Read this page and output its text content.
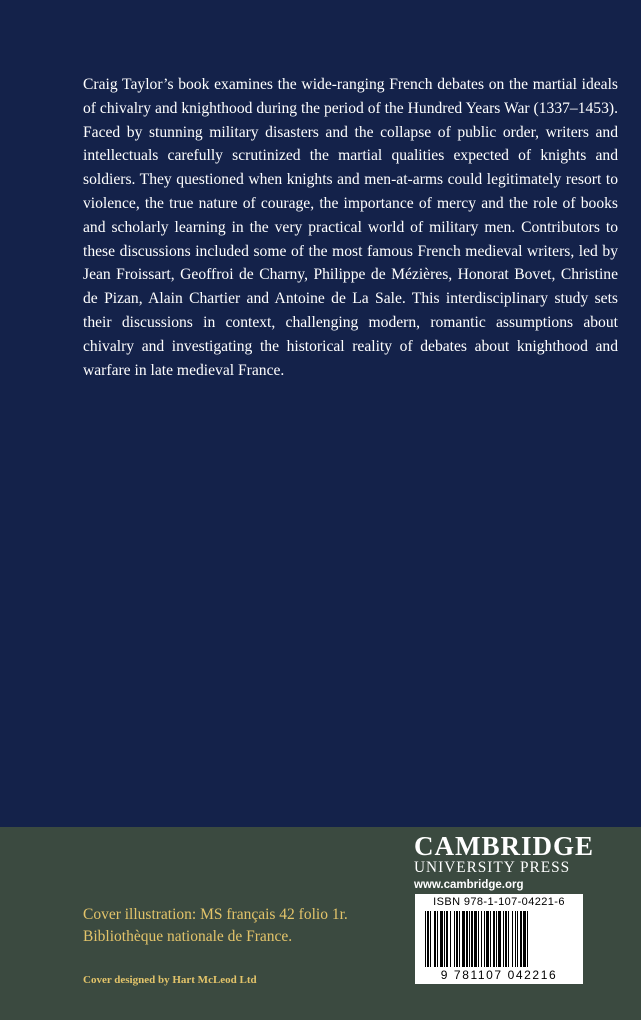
Craig Taylor’s book examines the wide-ranging French debates on the martial ideals of chivalry and knighthood during the period of the Hundred Years War (1337–1453). Faced by stunning military disasters and the collapse of public order, writers and intellectuals carefully scrutinized the martial qualities expected of knights and soldiers. They questioned when knights and men-at-arms could legitimately resort to violence, the true nature of courage, the importance of mercy and the role of books and scholarly learning in the very practical world of military men. Contributors to these discussions included some of the most famous French medieval writers, led by Jean Froissart, Geoffroi de Charny, Philippe de Mézières, Honorat Bovet, Christine de Pizan, Alain Chartier and Antoine de La Sale. This interdisciplinary study sets their discussions in context, challenging modern, romantic assumptions about chivalry and investigating the historical reality of debates about knighthood and warfare in late medieval France.

Cover illustration: MS français 42 folio 1r.
Bibliothèque nationale de France.
Cover designed by Hart McLeod Ltd
CAMBRIDGE
UNIVERSITY PRESS
www.cambridge.org
ISBN 978-1-107-04221-6
9 781107 042216
